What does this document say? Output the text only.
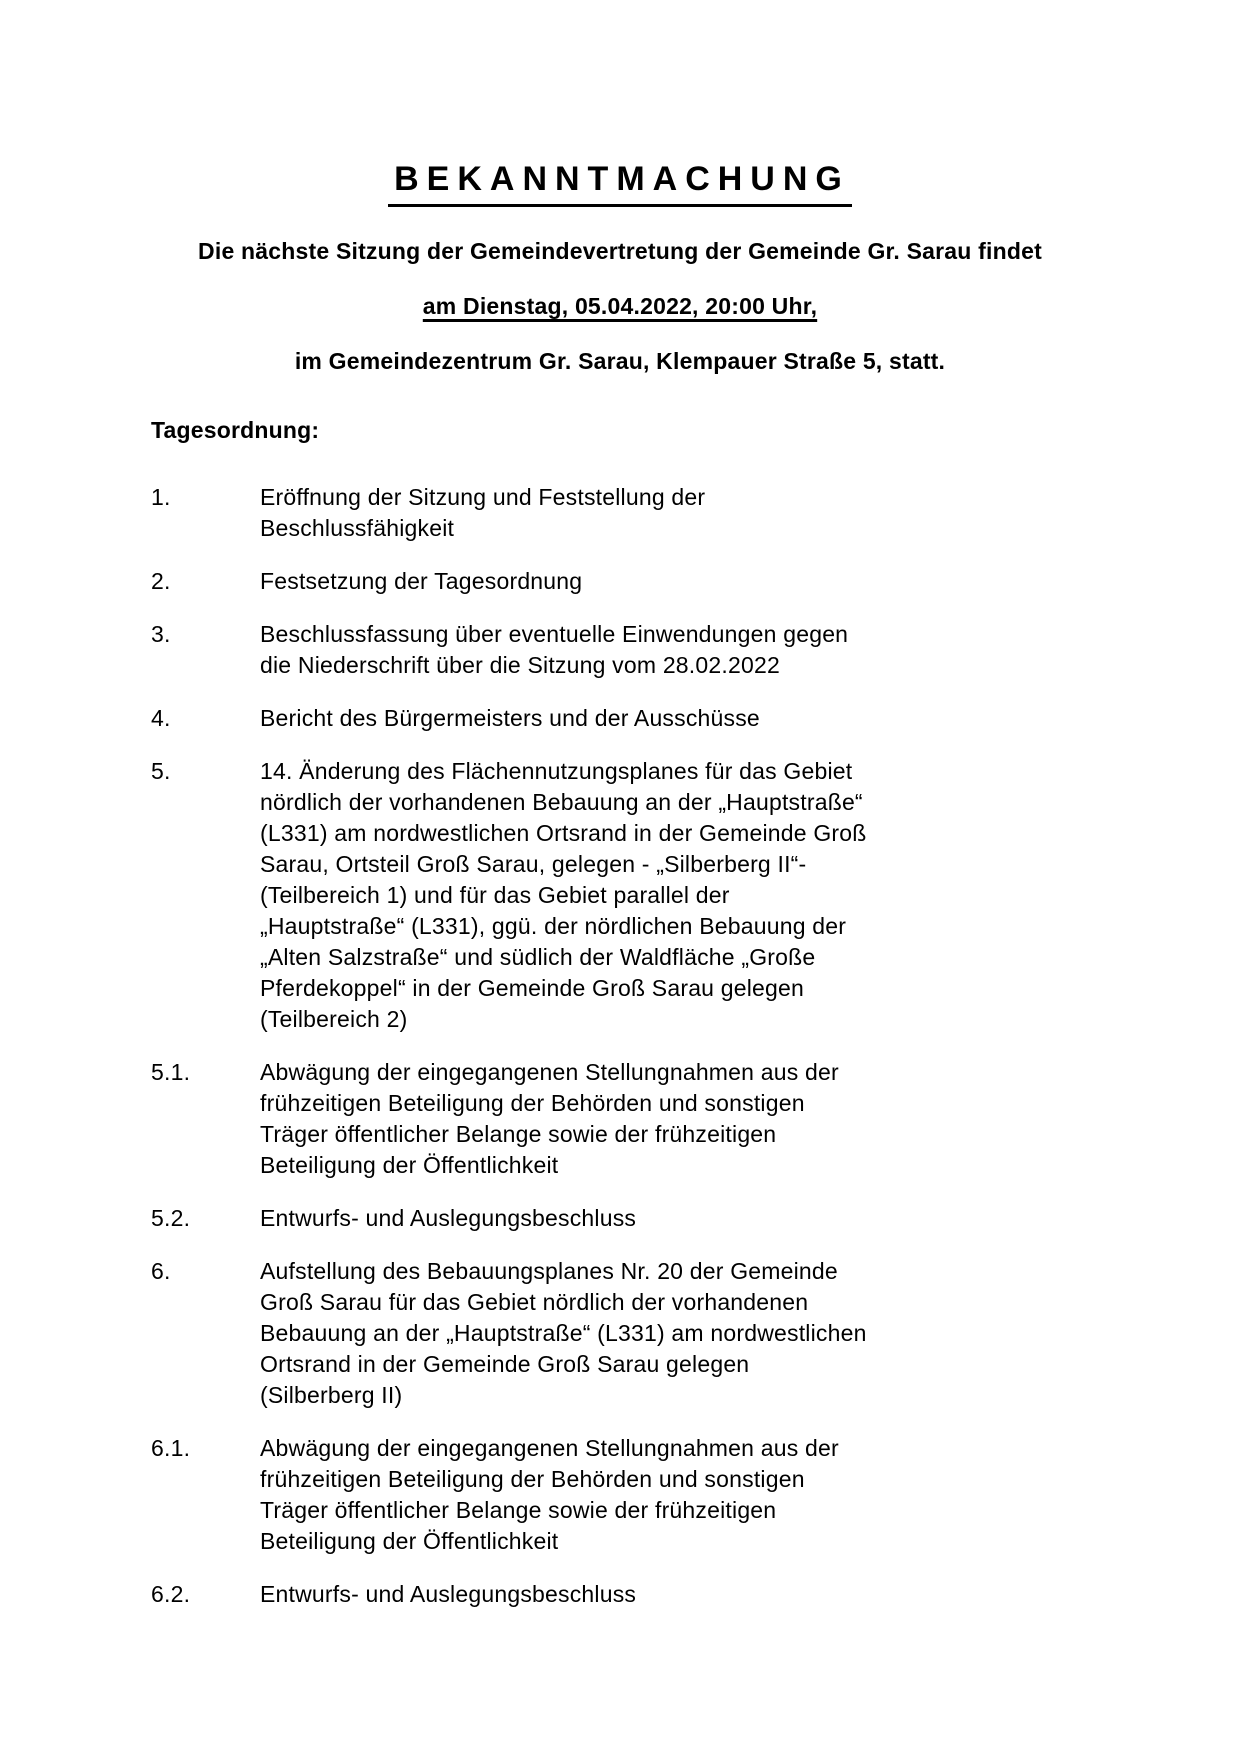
BEKANNTMACHUNG
Die nächste Sitzung der Gemeindevertretung der Gemeinde Gr. Sarau findet
am Dienstag, 05.04.2022, 20:00 Uhr,
im Gemeindezentrum Gr. Sarau, Klempauer Straße 5, statt.
Tagesordnung:
1.	Eröffnung der Sitzung und Feststellung der
Beschlussfähigkeit
2.	Festsetzung der Tagesordnung
3.	Beschlussfassung über eventuelle Einwendungen gegen
die Niederschrift über die Sitzung vom 28.02.2022
4.	Bericht des Bürgermeisters und der Ausschüsse
5.	14. Änderung des Flächennutzungsplanes für das Gebiet
nördlich der vorhandenen Bebauung an der „Hauptstraße“
(L331) am nordwestlichen Ortsrand in der Gemeinde Groß
Sarau, Ortsteil Groß Sarau, gelegen - „Silberberg II“-
(Teilbereich 1) und für das Gebiet parallel der
„Hauptstraße“ (L331), ggü. der nördlichen Bebauung der
„Alten Salzstraße“ und südlich der Waldfläche „Große
Pferdekoppel“ in der Gemeinde Groß Sarau gelegen
(Teilbereich 2)
5.1.	Abwägung der eingegangenen Stellungnahmen aus der
frühzeitigen Beteiligung der Behörden und sonstigen
Träger öffentlicher Belange sowie der frühzeitigen
Beteiligung der Öffentlichkeit
5.2.	Entwurfs- und Auslegungsbeschluss
6.	Aufstellung des Bebauungsplanes Nr. 20 der Gemeinde
Groß Sarau für das Gebiet nördlich der vorhandenen
Bebauung an der „Hauptstraße“ (L331) am nordwestlichen
Ortsrand in der Gemeinde Groß Sarau gelegen
(Silberberg II)
6.1.	Abwägung der eingegangenen Stellungnahmen aus der
frühzeitigen Beteiligung der Behörden und sonstigen
Träger öffentlicher Belange sowie der frühzeitigen
Beteiligung der Öffentlichkeit
6.2.	Entwurfs- und Auslegungsbeschluss
